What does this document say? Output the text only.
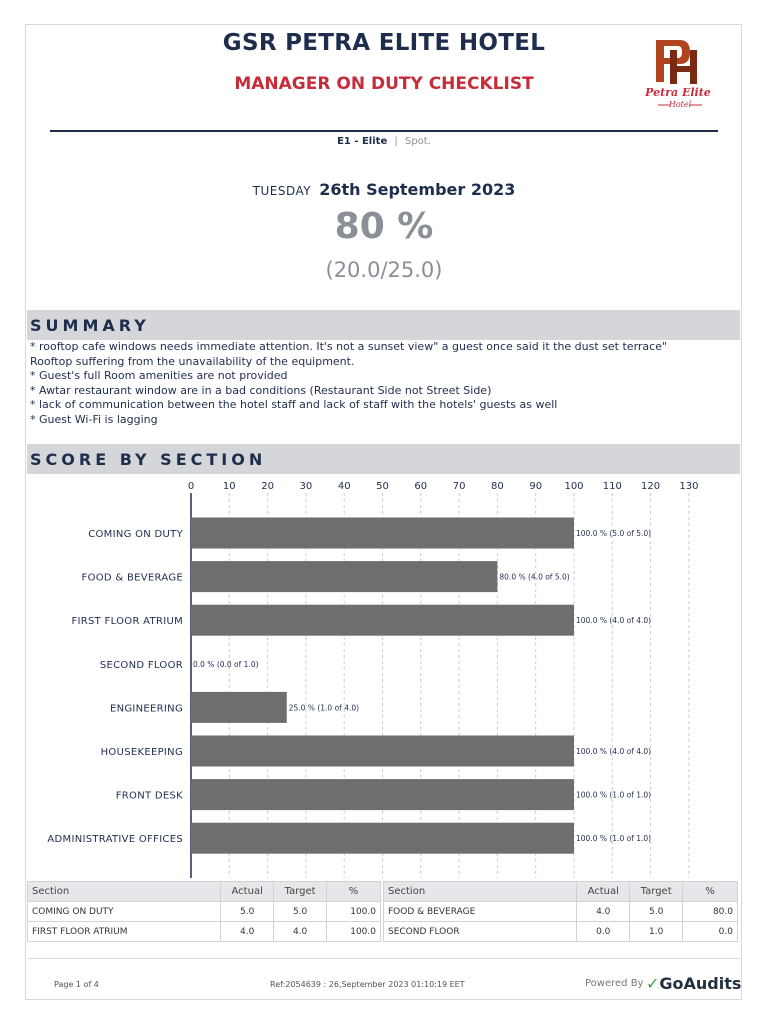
GSR PETRA ELITE HOTEL
MANAGER ON DUTY CHECKLIST	Petra Elite
Hotel
E1 - Elite | Spot.
TUESDAY 26th September 2023
80 %
(20.0/25.0)
SUMMARY
* rooftop cafe windows needs immediate attention. It's not a sunset view" a guest once said it the dust set terrace"
Rooftop suffering from the unavailability of the equipment.
* Guest's full Room amenities are not provided
* Awtar restaurant window are in a bad conditions (Restaurant Side not Street Side)
* lack of communication between the hotel staff and lack of staff with the hotels' guests as well
* Guest Wi-Fi is lagging
SCORE BY SECTION
0	10	20	30	40	50	60	70	80	90 100 110 120 130
COMING ON DUTY	100.0 % (5.0 of 5.0)
FOOD & BEVERAGE	80.0 % (4.0 of 5.0)
FIRST FLOOR ATRIUM	100.0 % (4.0 of 4.0)
SECOND FLOOR 0.0 % (0.0 of 1.0)
ENGINEERING	25.0 % (1.0 of 4.0)
HOUSEKEEPING	100.0 % (4.0 of 4.0)
FRONT DESK	100.0 % (1.0 of 1.0)
ADMINISTRATIVE OFFICES	100.0 % (1.0 of 1.0)
Section	Actual	Target	%
COMING ON DUTY	5.0	5.0	100.0
FIRST FLOOR ATRIUM	4.0	4.0	100.0
Section	Actual	Target	%
FOOD & BEVERAGE	4.0	5.0	80.0
SECOND FLOOR	0.0	1.0	0.0
Page 1 of 4	Ref:2054639 : 26,September 2023 01:10:19 EET	Powered By ✓GoAudits
